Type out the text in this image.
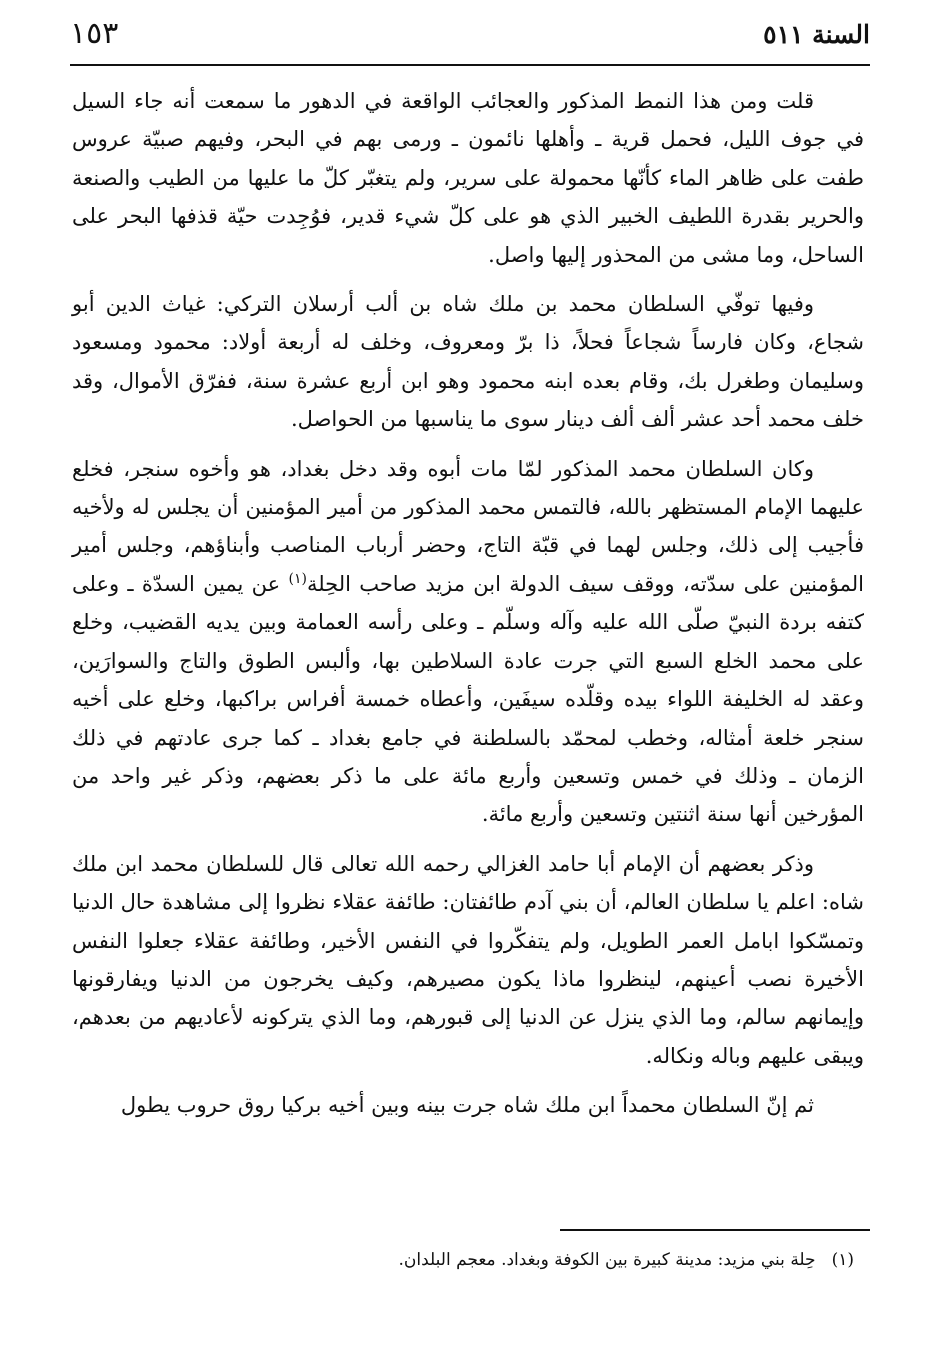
السنة ٥١١
١٥٣

قلت ومن هذا النمط المذكور والعجائب الواقعة في الدهور ما سمعت أنه جاء السيل في جوف الليل، فحمل قرية ـ وأهلها نائمون ـ ورمى بهم في البحر، وفيهم صبيّة عروس طفت على ظاهر الماء كأنّها محمولة على سرير، ولم يتغبّر كلّ ما عليها من الطيب والصنعة والحرير بقدرة اللطيف الخبير الذي هو على كلّ شيء قدير، فوُجِدت حيّة قذفها البحر على الساحل، وما مشى من المحذور إليها واصل.

وفيها توفّي السلطان محمد بن ملك شاه بن ألب أرسلان التركي: غياث الدين أبو شجاع، وكان فارساً شجاعاً فحلاً، ذا برّ ومعروف، وخلف له أربعة أولاد: محمود ومسعود وسليمان وطغرل بك، وقام بعده ابنه محمود وهو ابن أربع عشرة سنة، ففرّق الأموال، وقد خلف محمد أحد عشر ألف ألف دينار سوى ما يناسبها من الحواصل.

وكان السلطان محمد المذكور لمّا مات أبوه وقد دخل بغداد، هو وأخوه سنجر، فخلع عليهما الإمام المستظهر بالله، فالتمس محمد المذكور من أمير المؤمنين أن يجلس له ولأخيه فأجيب إلى ذلك، وجلس لهما في قبّة التاج، وحضر أرباب المناصب وأبناؤهم، وجلس أمير المؤمنين على سدّته، ووقف سيف الدولة ابن مزيد صاحب الحِلة$^{(١)}$ عن يمين السدّة ـ وعلى كتفه بردة النبيّ صلّى الله عليه وآله وسلّم ـ وعلى رأسه العمامة وبين يديه القضيب، وخلع على محمد الخلع السبع التي جرت عادة السلاطين بها، وألبس الطوق والتاج والسوارَين، وعقد له الخليفة اللواء بيده وقلّده سيفَين، وأعطاه خمسة أفراس براكبها، وخلع على أخيه سنجر خلعة أمثاله، وخطب لمحمّد بالسلطنة في جامع بغداد ـ كما جرى عادتهم في ذلك الزمان ـ وذلك في خمس وتسعين وأربع مائة على ما ذكر بعضهم، وذكر غير واحد من المؤرخين أنها سنة اثنتين وتسعين وأربع مائة.

وذكر بعضهم أن الإمام أبا حامد الغزالي رحمه الله تعالى قال للسلطان محمد ابن ملك شاه: اعلم يا سلطان العالم، أن بني آدم طائفتان: طائفة عقلاء نظروا إلى مشاهدة حال الدنيا وتمسّكوا ابامل العمر الطويل، ولم يتفكّروا في النفس الأخير، وطائفة عقلاء جعلوا النفس الأخيرة نصب أعينهم، لينظروا ماذا يكون مصيرهم، وكيف يخرجون من الدنيا ويفارقونها وإيمانهم سالم، وما الذي ينزل عن الدنيا إلى قبورهم، وما الذي يتركونه لأعاديهم من بعدهم، ويبقى عليهم وباله ونكاله.

ثم إنّ السلطان محمداً ابن ملك شاه جرت بينه وبين أخيه بركيا روق حروب يطول

(١)حِلة بني مزيد: مدينة كبيرة بين الكوفة وبغداد. معجم البلدان.
